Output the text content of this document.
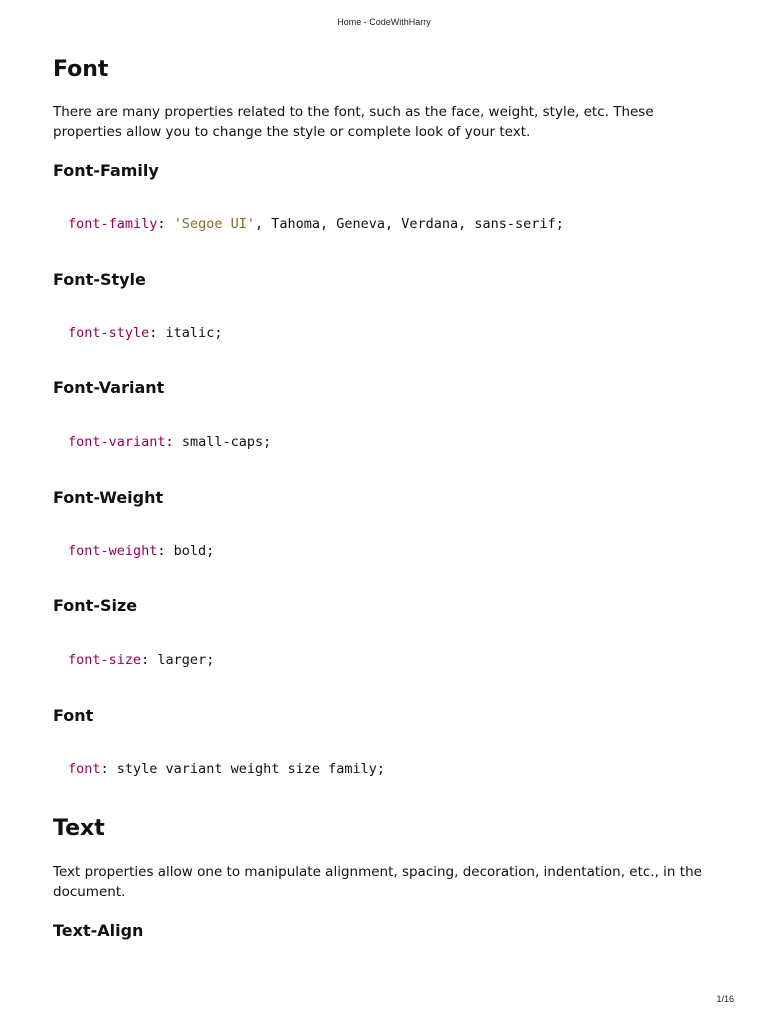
Home - CodeWithHarry
Font
There are many properties related to the font, such as the face, weight, style, etc. These
properties allow you to change the style or complete look of your text.
Font-Family
font-family: 'Segoe UI', Tahoma, Geneva, Verdana, sans-serif;
Font-Style
font-style: italic;
Font-Variant
font-variant: small-caps;
Font-Weight
font-weight: bold;
Font-Size
font-size: larger;
Font
font: style variant weight size family;
Text
Text properties allow one to manipulate alignment, spacing, decoration, indentation, etc., in the
document.
Text-Align
1/16
